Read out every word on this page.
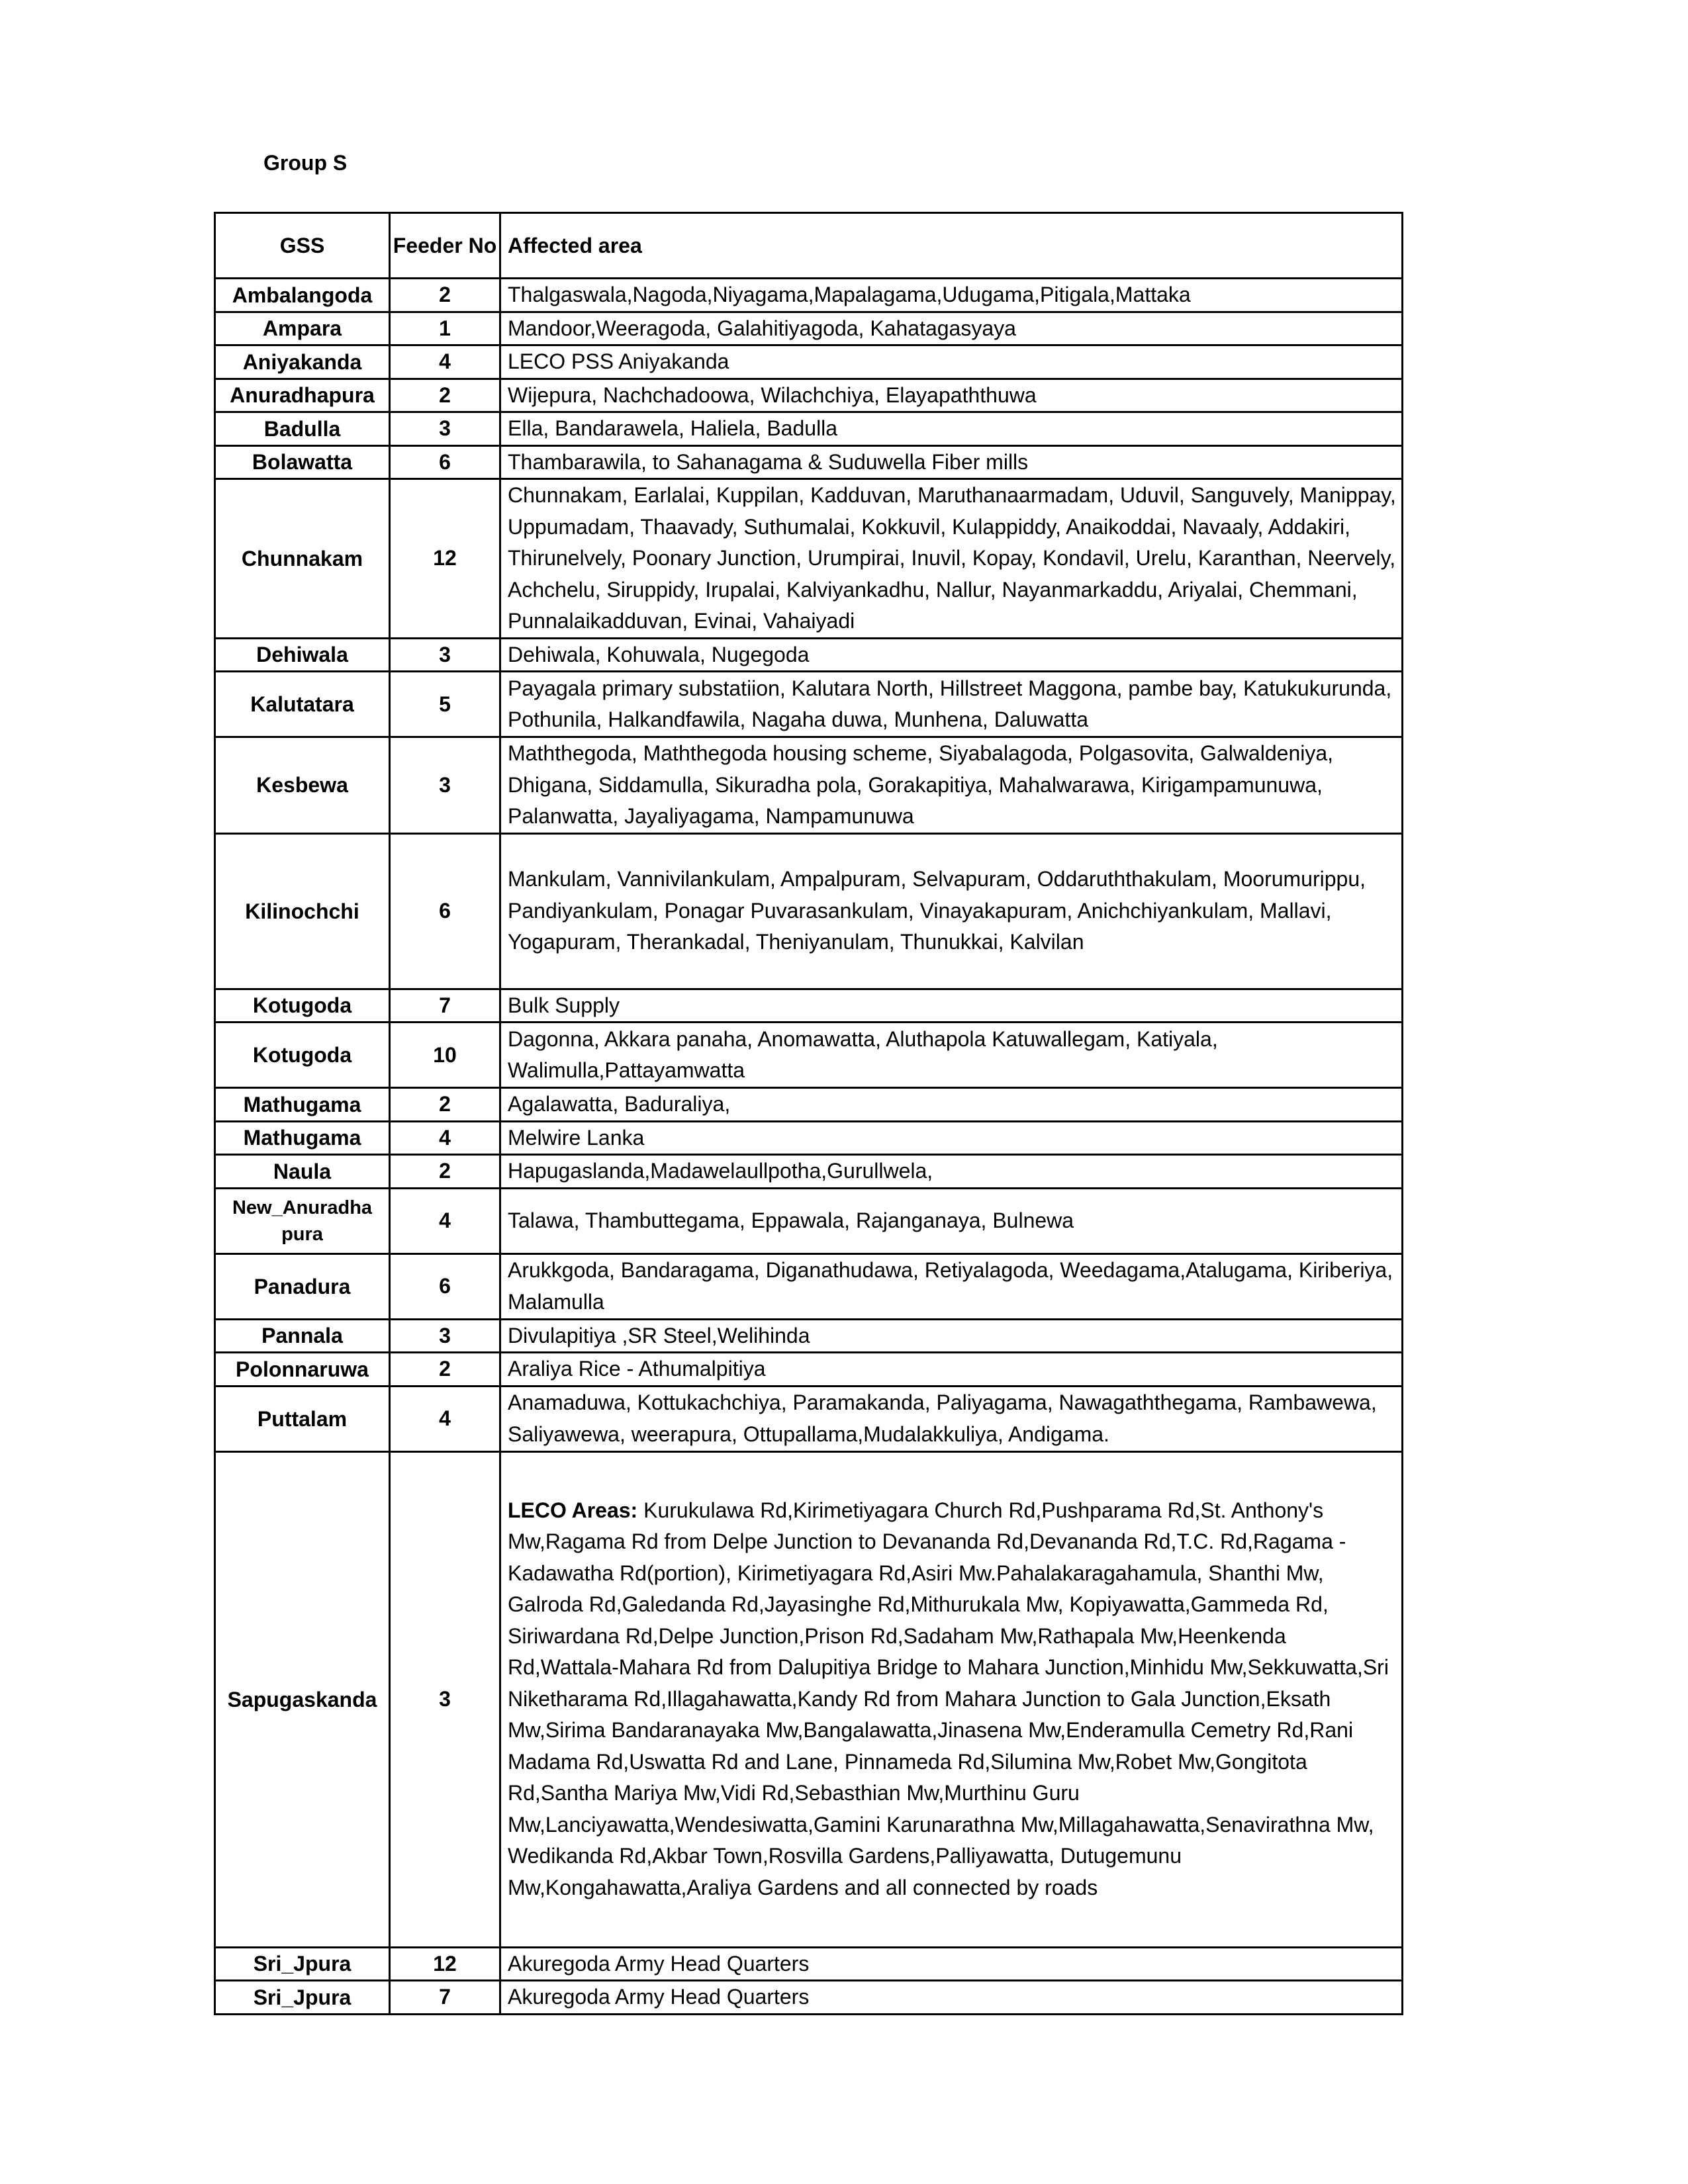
Group S
GSS	Feeder No	Affected area
Ambalangoda	2	Thalgaswala,Nagoda,Niyagama,Mapalagama,Udugama,Pitigala,Mattaka
Ampara	1	Mandoor,Weeragoda, Galahitiyagoda, Kahatagasyaya
Aniyakanda	4	LECO PSS Aniyakanda
Anuradhapura	2	Wijepura, Nachchadoowa, Wilachchiya, Elayapaththuwa
Badulla	3	Ella, Bandarawela, Haliela, Badulla
Bolawatta	6	Thambarawila, to Sahanagama & Suduwella Fiber mills
Chunnakam	12	Chunnakam, Earlalai, Kuppilan, Kadduvan, Maruthanaarmadam, Uduvil, Sanguvely, Manippay, Uppumadam, Thaavady, Suthumalai, Kokkuvil, Kulappiddy, Anaikoddai, Navaaly, Addakiri, Thirunelvely, Poonary Junction, Urumpirai, Inuvil, Kopay, Kondavil, Urelu, Karanthan, Neervely, Achchelu, Siruppidy, Irupalai, Kalviyankadhu, Nallur, Nayanmarkaddu, Ariyalai, Chemmani, Punnalaikadduvan, Evinai, Vahaiyadi
Dehiwala	3	Dehiwala, Kohuwala, Nugegoda
Kalutatara	5	Payagala primary substatiion, Kalutara North, Hillstreet Maggona, pambe bay, Katukukurunda, Pothunila, Halkandfawila, Nagaha duwa, Munhena, Daluwatta
Kesbewa	3	Maththegoda, Maththegoda housing scheme, Siyabalagoda, Polgasovita, Galwaldeniya, Dhigana, Siddamulla, Sikuradha pola, Gorakapitiya, Mahalwarawa, Kirigampamunuwa, Palanwatta, Jayaliyagama, Nampamunuwa
Kilinochchi	6	Mankulam, Vannivilankulam, Ampalpuram, Selvapuram, Oddaruththakulam, Moorumurippu, Pandiyankulam, Ponagar Puvarasankulam, Vinayakapuram, Anichchiyankulam, Mallavi, Yogapuram, Therankadal, Theniyanulam, Thunukkai, Kalvilan
Kotugoda	7	Bulk Supply
Kotugoda	10	Dagonna, Akkara panaha, Anomawatta, Aluthapola Katuwallegam, Katiyala, Walimulla,Pattayamwatta
Mathugama	2	Agalawatta, Baduraliya,
Mathugama	4	Melwire Lanka
Naula	2	Hapugaslanda,Madawelaullpotha,Gurullwela,
New_Anuradha pura	4	Talawa, Thambuttegama, Eppawala, Rajanganaya, Bulnewa
Panadura	6	Arukkgoda, Bandaragama, Diganathudawa, Retiyalagoda, Weedagama,Atalugama, Kiriberiya, Malamulla
Pannala	3	Divulapitiya ,SR Steel,Welihinda
Polonnaruwa	2	Araliya Rice - Athumalpitiya
Puttalam	4	Anamaduwa, Kottukachchiya, Paramakanda, Paliyagama, Nawagaththegama, Rambawewa, Saliyawewa, weerapura, Ottupallama,Mudalakkuliya, Andigama.
Sapugaskanda	3	LECO Areas: Kurukulawa Rd,Kirimetiyagara Church Rd,Pushparama Rd,St. Anthony's Mw,Ragama Rd from Delpe Junction to Devananda Rd,Devananda Rd,T.C. Rd,Ragama - Kadawatha Rd(portion), Kirimetiyagara Rd,Asiri Mw.Pahalakaragahamula, Shanthi Mw, Galroda Rd,Galedanda Rd,Jayasinghe Rd,Mithurukala Mw, Kopiyawatta,Gammeda Rd, Siriwardana Rd,Delpe Junction,Prison Rd,Sadaham Mw,Rathapala Mw,Heenkenda Rd,Wattala-Mahara Rd from Dalupitiya Bridge to Mahara Junction,Minhidu Mw,Sekkuwatta,Sri Niketharama Rd,Illagahawatta,Kandy Rd from Mahara Junction to Gala Junction,Eksath Mw,Sirima Bandaranayaka Mw,Bangalawatta,Jinasena Mw,Enderamulla Cemetry Rd,Rani Madama Rd,Uswatta Rd and Lane, Pinnameda Rd,Silumina Mw,Robet Mw,Gongitota Rd,Santha Mariya Mw,Vidi Rd,Sebasthian Mw,Murthinu Guru Mw,Lanciyawatta,Wendesiwatta,Gamini Karunarathna Mw,Millagahawatta,Senavirathna Mw, Wedikanda Rd,Akbar Town,Rosvilla Gardens,Palliyawatta, Dutugemunu Mw,Kongahawatta,Araliya Gardens and all connected by roads
Sri_Jpura	12	Akuregoda Army Head Quarters
Sri_Jpura	7	Akuregoda Army Head Quarters
